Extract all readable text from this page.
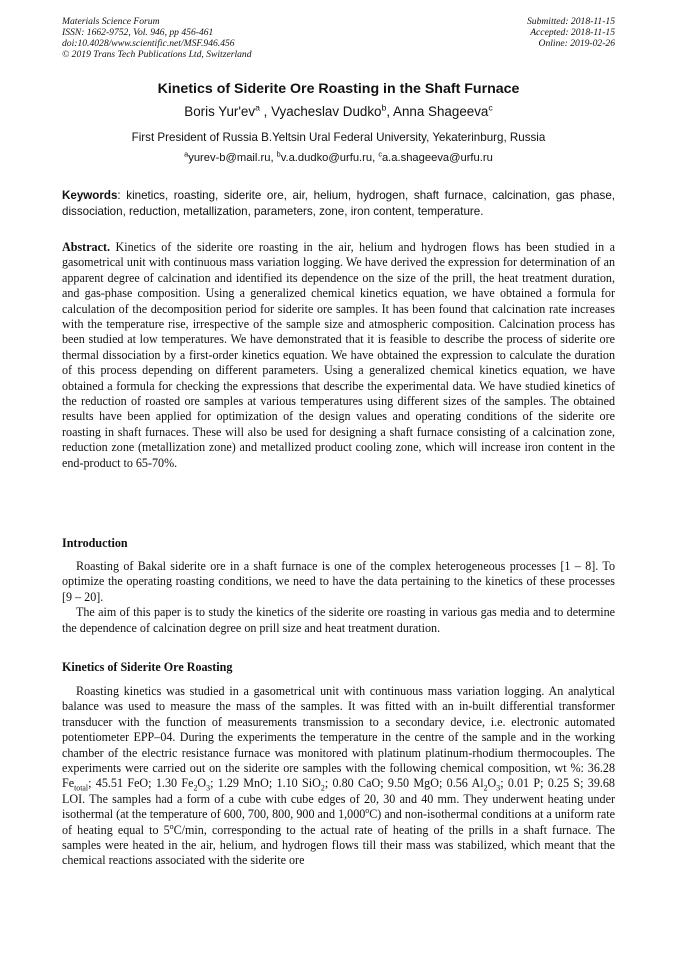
Materials Science Forum
ISSN: 1662-9752, Vol. 946, pp 456-461
doi:10.4028/www.scientific.net/MSF.946.456
© 2019 Trans Tech Publications Ltd, Switzerland
Submitted: 2018-11-15
Accepted: 2018-11-15
Online: 2019-02-26
Kinetics of Siderite Ore Roasting in the Shaft Furnace
Boris $Yur'ev^a$ , Vyacheslav Dudko$^b$, Anna Shageeva$^c$
First President of Russia B.Yeltsin Ural Federal University, Yekaterinburg, Russia
$^a$yurev-b@mail.ru, $^b$v.a.dudko@urfu.ru, $^c$a.a.shageeva@urfu.ru
Keywords: kinetics, roasting, siderite ore, air, helium, hydrogen, shaft furnace, calcination, gas phase, dissociation, reduction, metallization, parameters, zone, iron content, temperature.
Abstract. Kinetics of the siderite ore roasting in the air, helium and hydrogen flows has been studied in a gasometrical unit with continuous mass variation logging. We have derived the expression for determination of an apparent degree of calcination and identified its dependence on the size of the prill, the heat treatment duration, and gas-phase composition. Using a generalized chemical kinetics equation, we have obtained a formula for calculation of the decomposition period for siderite ore samples. It has been found that calcination rate increases with the temperature rise, irrespective of the sample size and atmospheric composition. Calcination process has been studied at low temperatures. We have demonstrated that it is feasible to describe the process of siderite ore thermal dissociation by a first-order kinetics equation. We have obtained the expression to calculate the duration of this process depending on different parameters. Using a generalized chemical kinetics equation, we have obtained a formula for checking the expressions that describe the experimental data. We have studied kinetics of the reduction of roasted ore samples at various temperatures using different sizes of the samples. The obtained results have been applied for optimization of the design values and operating conditions of the siderite ore roasting in shaft furnaces. These will also be used for designing a shaft furnace consisting of a calcination zone, reduction zone (metallization zone) and metallized product cooling zone, which will increase iron content in the end-product to 65-70%.
Introduction

Roasting of Bakal siderite ore in a shaft furnace is one of the complex heterogeneous processes [1 – 8]. To optimize the operating roasting conditions, we need to have the data pertaining to the kinetics of these processes [9 – 20].

The aim of this paper is to study the kinetics of the siderite ore roasting in various gas media and to determine the dependence of calcination degree on prill size and heat treatment duration.

Kinetics of Siderite Ore Roasting

Roasting kinetics was studied in a gasometrical unit with continuous mass variation logging. An analytical balance was used to measure the mass of the samples. It was fitted with an in-built differential transformer transducer with the function of measurements transmission to a secondary device, i.e. electronic automated potentiometer EPP–04. During the experiments the temperature in the centre of the sample and in the working chamber of the electric resistance furnace was monitored with platinum platinum-rhodium thermocouples. The experiments were carried out on the siderite ore samples with the following chemical composition, wt %: 36.28 $Fe_{total}$; 45.51 FeO; 1.30 $Fe_2O_3$; 1.29 MnO; 1.10 SiO$_2$; 0.80 CaO; 9.50 MgO; 0.56 $Al_2O_3$; 0.01 P; 0.25 S; 39.68 LOI. The samples had a form of a cube with cube edges of 20, 30 and 40 mm. They underwent heating under isothermal (at the temperature of 600, 700, 800, 900 and 1,000$^o$C) and non-isothermal conditions at a uniform rate of heating equal to 5$^o$C/min, corresponding to the actual rate of heating of the prills in a shaft furnace. The samples were heated in the air, helium, and hydrogen flows till their mass was stabilized, which meant that the chemical reactions associated with the siderite ore
